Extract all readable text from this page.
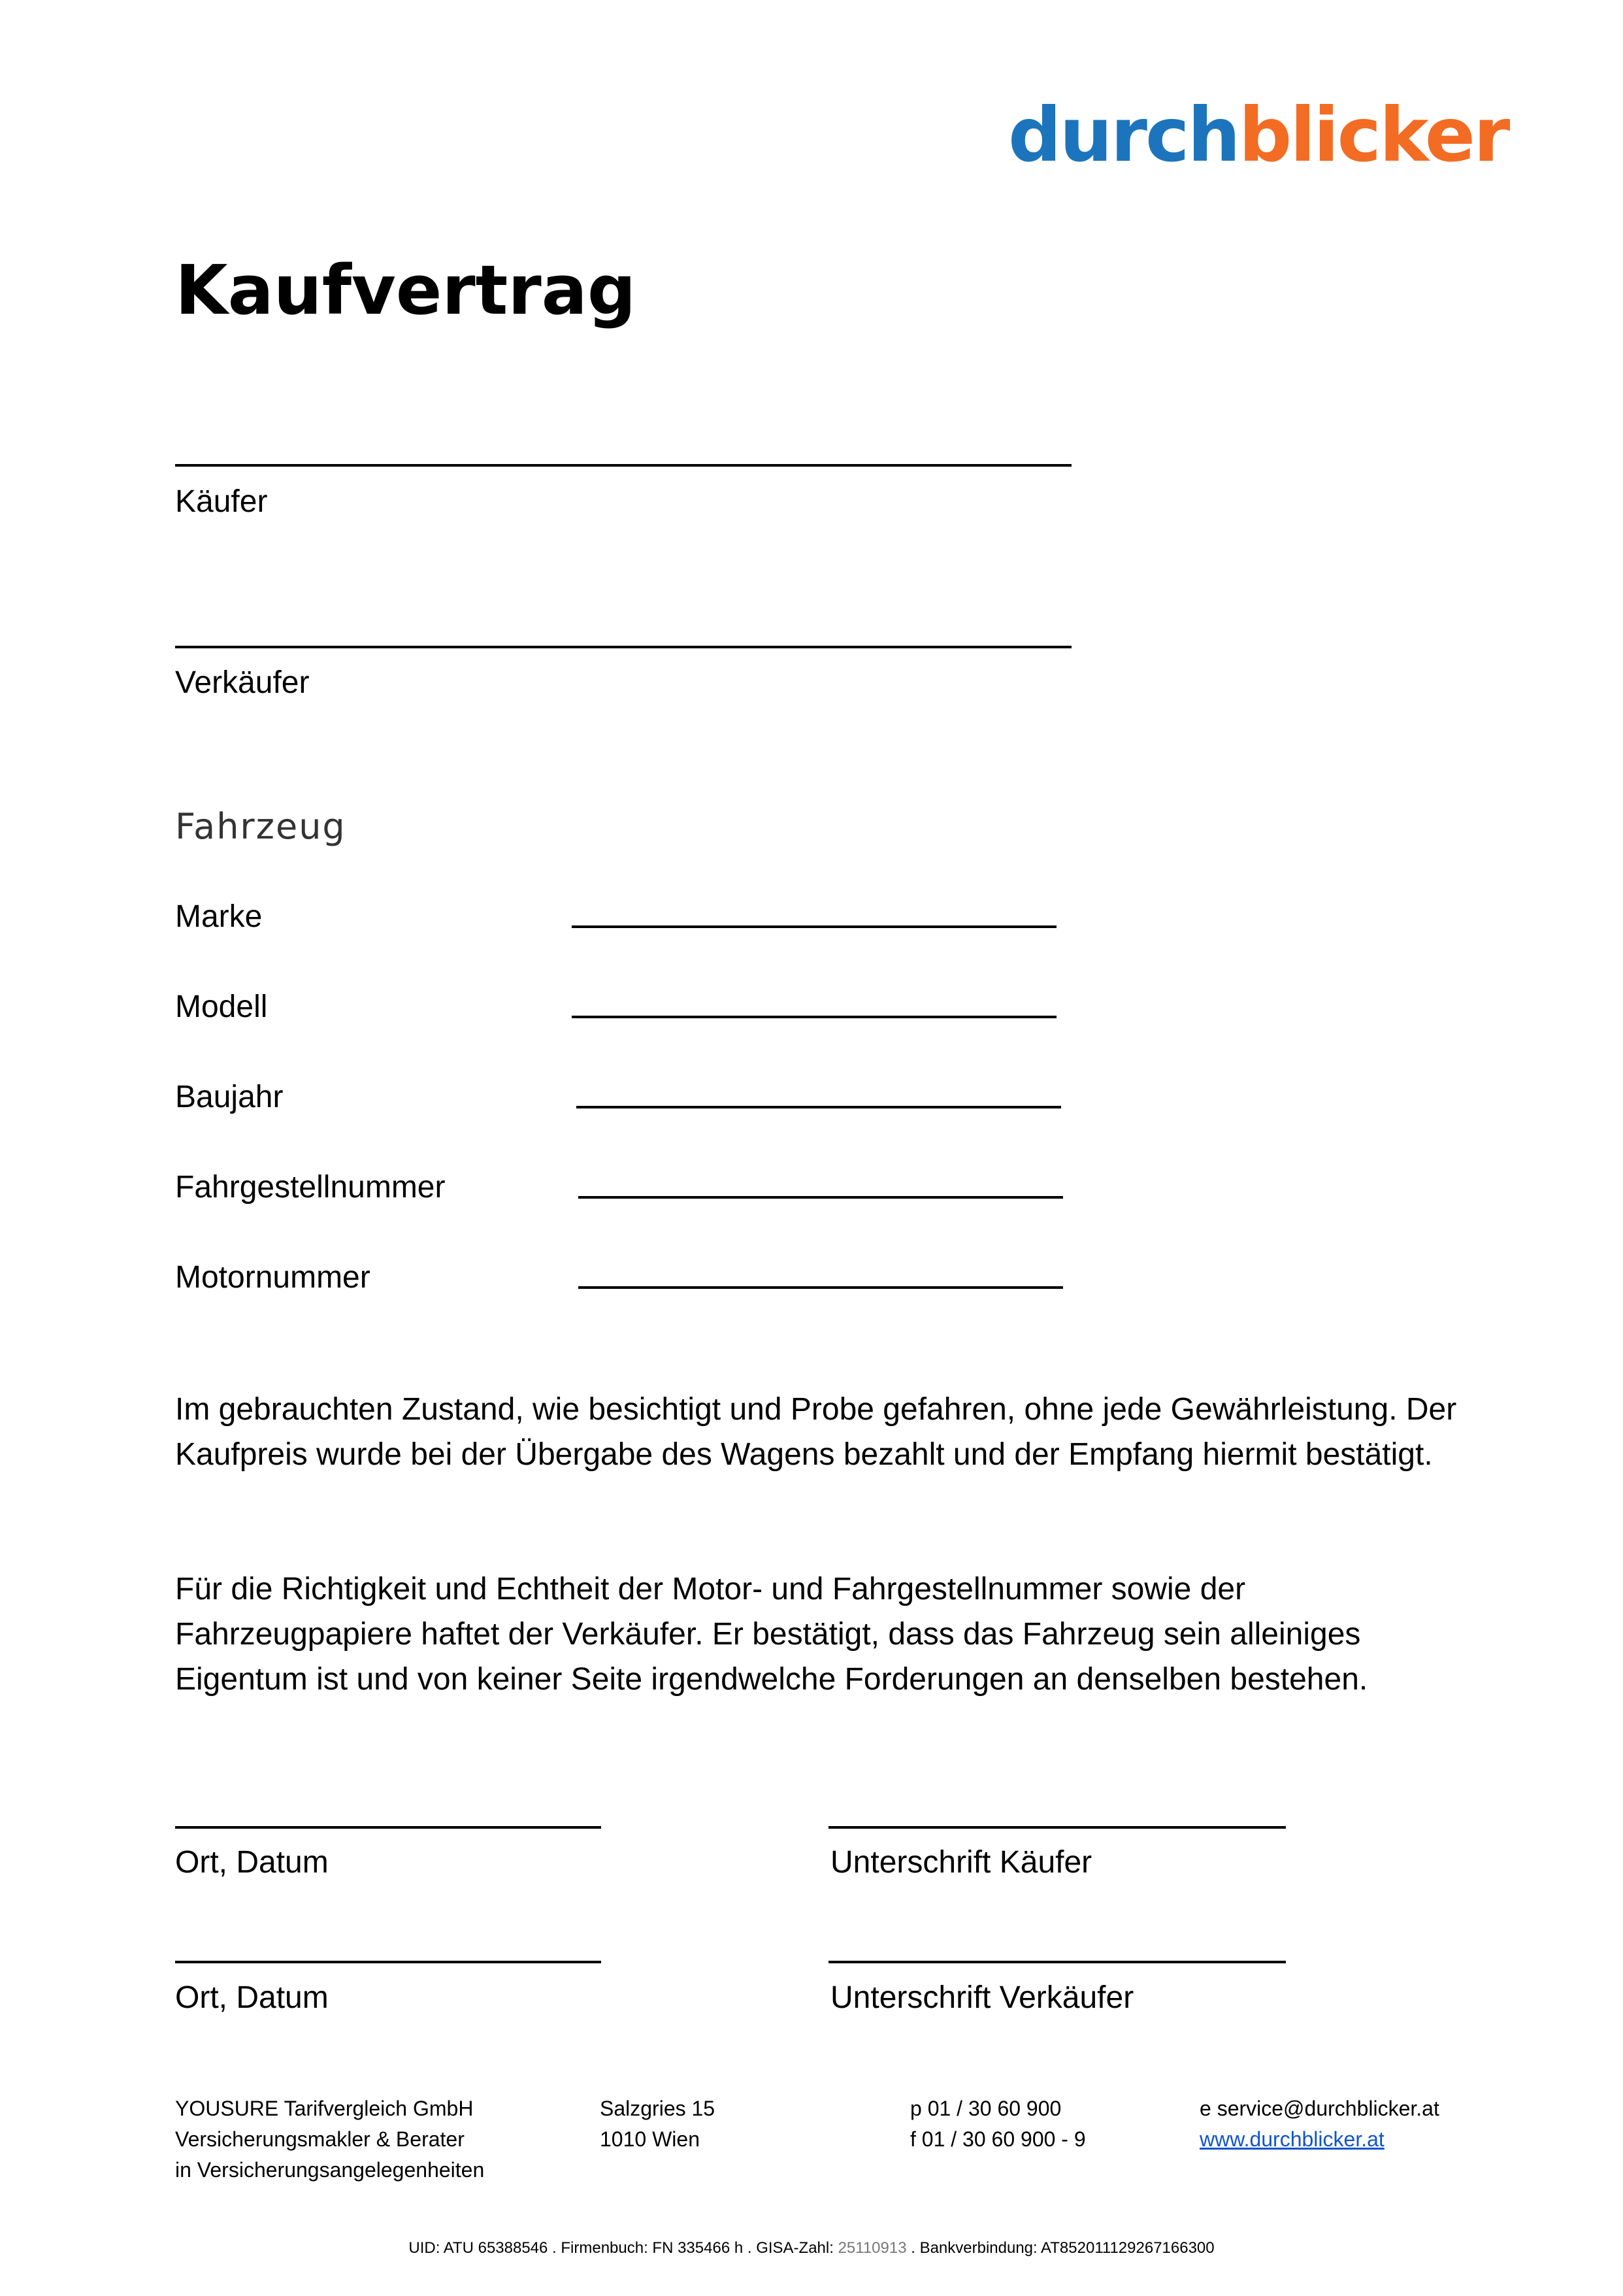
durchblicker
Kaufvertrag
Käufer
Verkäufer
Fahrzeug
Marke
Modell
Baujahr
Fahrgestellnummer
Motornummer
Im gebrauchten Zustand, wie besichtigt und Probe gefahren, ohne jede Gewährleistung. Der Kaufpreis wurde bei der Übergabe des Wagens bezahlt und der Empfang hiermit bestätigt.
Für die Richtigkeit und Echtheit der Motor- und Fahrgestellnummer sowie der Fahrzeugpapiere haftet der Verkäufer. Er bestätigt, dass das Fahrzeug sein alleiniges Eigentum ist und von keiner Seite irgendwelche Forderungen an denselben bestehen.
Ort, Datum	Unterschrift Käufer
Ort, Datum	Unterschrift Verkäufer
YOUSURE Tarifvergleich GmbH
Versicherungsmakler & Berater
in Versicherungsangelegenheiten
Salzgries 15
1010 Wien
p 01 / 30 60 900
f 01 / 30 60 900 - 9
e service@durchblicker.at
www.durchblicker.at
UID: ATU 65388546 . Firmenbuch: FN 335466 h . GISA-Zahl: 25110913 . Bankverbindung: AT852011129267166300
